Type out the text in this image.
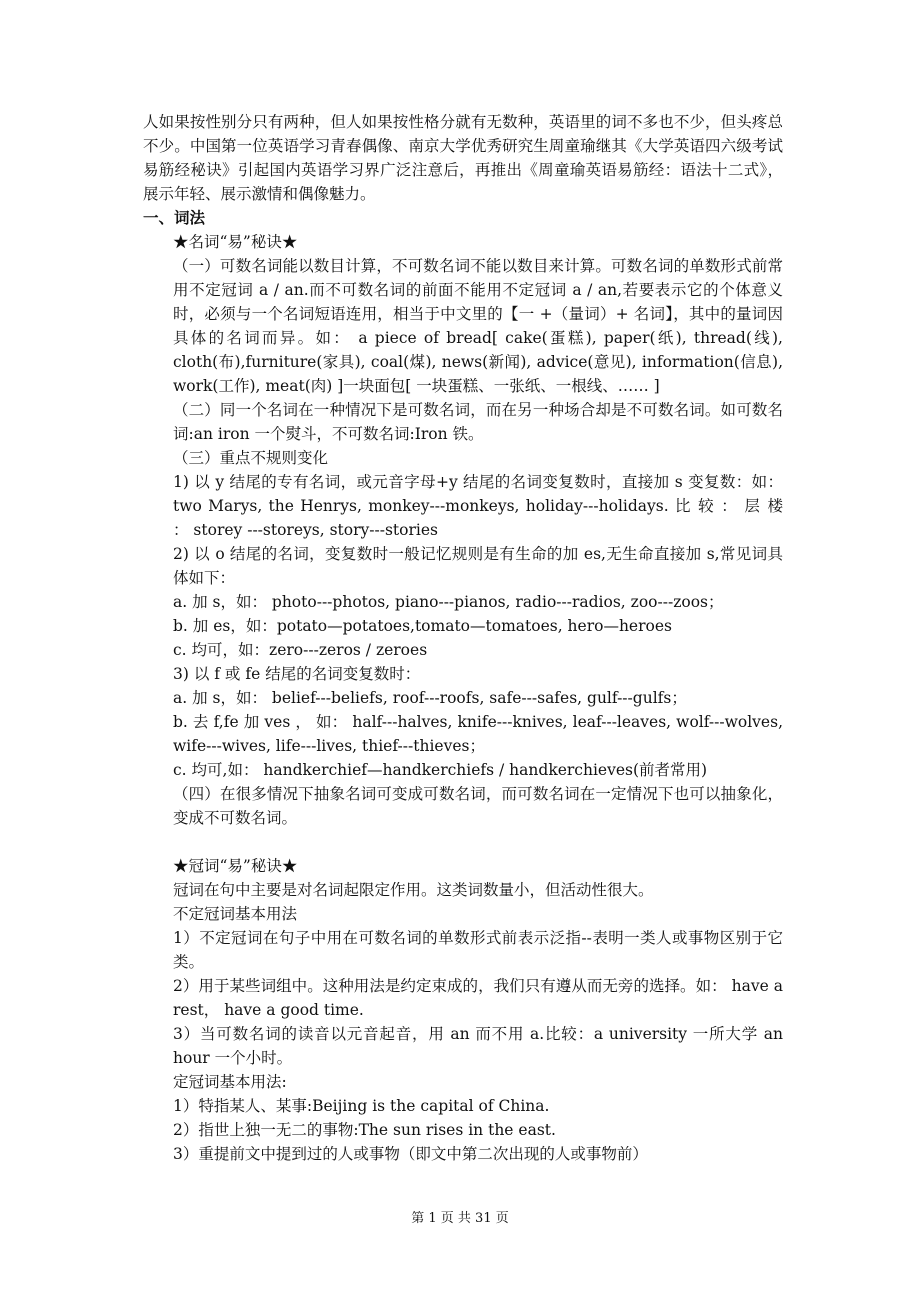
人如果按性别分只有两种，但人如果按性格分就有无数种，英语里的词不多也不少，但头疼总不少。中国第一位英语学习青春偶像、南京大学优秀研究生周童瑜继其《大学英语四六级考试易筋经秘诀》引起国内英语学习界广泛注意后，再推出《周童瑜英语易筋经：语法十二式》，展示年轻、展示激情和偶像魅力。

一、词法

★名词“易”秘诀★

（一）可数名词能以数目计算，不可数名词不能以数目来计算。可数名词的单数形式前常用不定冠词 a / an.而不可数名词的前面不能用不定冠词 a / an,若要表示它的个体意义时，必须与一个名词短语连用，相当于中文里的【一 +（量词）+ 名词】，其中的量词因具体的名词而异。如： a piece of bread[ cake(蛋糕), paper(纸), thread(线), cloth(布),furniture(家具), coal(煤), news(新闻), advice(意见), information(信息), work(工作), meat(肉) ]一块面包[ 一块蛋糕、一张纸、一根线、…… ]

（二）同一个名词在一种情况下是可数名词，而在另一种场合却是不可数名词。如可数名词:an iron 一个熨斗，不可数名词:Iron 铁。

（三）重点不规则变化

1) 以 y 结尾的专有名词，或元音字母+y 结尾的名词变复数时，直接加 s 变复数：如： two Marys, the Henrys, monkey---monkeys, holiday---holidays. 比 较 ： 层 楼 ： storey ---storeys, story---stories

2) 以 o 结尾的名词，变复数时一般记忆规则是有生命的加 es,无生命直接加 s,常见词具体如下：

a. 加 s，如： photo---photos, piano---pianos, radio---radios, zoo---zoos；

b. 加 es，如：potato—potatoes,tomato—tomatoes, hero—heroes

c. 均可，如：zero---zeros / zeroes

3) 以 f 或 fe 结尾的名词变复数时：

a. 加 s，如： belief---beliefs, roof---roofs, safe---safes, gulf---gulfs；

b. 去 f,fe 加 ves ， 如： half---halves, knife---knives, leaf---leaves, wolf---wolves, wife---wives, life---lives, thief---thieves；

c. 均可,如： handkerchief—handkerchiefs / handkerchieves(前者常用)

（四）在很多情况下抽象名词可变成可数名词，而可数名词在一定情况下也可以抽象化，变成不可数名词。

★冠词“易”秘诀★

冠词在句中主要是对名词起限定作用。这类词数量小，但活动性很大。

不定冠词基本用法

1）不定冠词在句子中用在可数名词的单数形式前表示泛指--表明一类人或事物区别于它类。

2）用于某些词组中。这种用法是约定束成的，我们只有遵从而无旁的选择。如： have a rest， have a good time.

3）当可数名词的读音以元音起音，用 an 而不用 a.比较：a university 一所大学 an hour 一个小时。

定冠词基本用法:

1）特指某人、某事:Beijing is the capital of China.

2）指世上独一无二的事物:The sun rises in the east.

3）重提前文中提到过的人或事物（即文中第二次出现的人或事物前）

第 1 页 共 31 页
